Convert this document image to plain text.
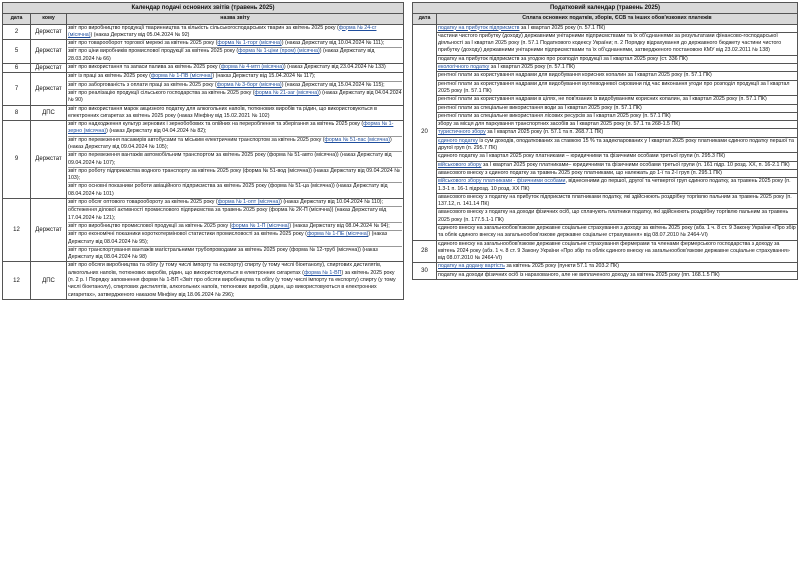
Календар подачі основних звітів (травень 2025)		
дата	кому	назва звіту
2	Держстат	звіт про виробництво продукції тваринництва та кількість сільськогосподарських тварин за квітень 2025 року (форма № 24-сг (місячна)) (наказ Держстату від 05.04.2024 № 92)

5	Держстат	звіт про товарооборот торгової мережі за квітень 2025 року (форма № 1-торг (місячна)) (наказ Держстату від 10.04.2024 № 111);
звіт про ціни виробників промислової продукції за квітень 2025 року (форма № 1-ціни (пром) (місячна)) (наказ Держстату від 28.03.2024 № 66)

6	Держстат	звіт про використання та запаси палива за квітень 2025 року (форма № 4-мтп (місячна)) (наказ Держстату від 23.04.2024 № 133)

7	Держстат	звіт із праці за квітень 2025 року (форма № 1-ПВ (місячна)) (наказ Держстату від 15.04.2024 № 117);
звіт про заборгованість з оплати праці за квітень 2025 року (форма № 3-борг (місячна)) (наказ Держстату від 15.04.2024 № 115);
звіт про реалізацію продукції сільського господарства за квітень 2025 року (форма № 21-заг (місячна)) (наказ Держстату від 04.04.2024 № 90)

8	ДПС	звіт про використання марок акцизного податку для алкогольних напоїв, тютюнових виробів та рідин, що використовуються в електронних сигаретах за квітень 2025 року (наказ Мінфіну від 15.02.2021 № 102)

9	Держстат	звіт про надходження культур зернових і зернобобових та олійних на перероблення та зберігання за квітень 2025 року (форма № 1-зерно (місячна)) (наказ Держстату від 04.04.2024 № 82);
звіт про перевезення пасажирів автобусами та міським електричним транспортом за квітень 2025 року (форма № 51-пас (місячна)) (наказ Держстату від 09.04.2024 № 105);
звіт про перевезення вантажів автомобільним транспортом за квітень 2025 року (форма № 51-авто (місячна)) (наказ Держстату від 09.04.2024 № 107);
звіт про роботу підприємства водного транспорту за квітень 2025 року (форма № 51-вод (місячна)) (наказ Держстату від 09.04.2024 № 103);
звіт про основні показники роботи авіаційного підприємства за квітень 2025 року (форма № 51-ца (місячна)) (наказ Держстату від 08.04.2024 № 101)

12	Держстат	звіт про обсяг оптового товарообороту за квітень 2025 року (форма № 1-опт (місячна)) (наказ Держстату від 10.04.2024 № 110);
обстеження ділової активності промислового підприємства за травень 2025 року (форма № 2К-П (місячна)) (наказ Держстату від 17.04.2024 № 121);
звіт про виробництво промислової продукції за квітень 2025 року (форма № 1-П (місячна)) (наказ Держстату від 08.04.2024 № 94);
звіт про економічні показники короткотермінової статистики промисловості за квітень 2025 року (форма № 1-ПЕ (місячна)) (наказ Держстату від 08.04.2024 № 95);
звіт про транспортування вантажів магістральними трубопроводами за квітень 2025 року (форма № 12-труб (місячна)) (наказ Держстату від 08.04.2024 № 98)

12	ДПС	звіт про обсяги виробництва та обігу (у тому числі імпорту та експорту) спирту (у тому числі біоетанолу), спиртових дистилятів, алкогольних напоїв, тютюнових виробів, рідин, що використовуються в електронних сигаретах (форма № 1-ВП) за квітень 2025 року (п. 2 р. І Порядку заповнення форми № 1-ВП «Звіт про обсяги виробництва та обігу (у тому числі імпорту та експорту) спирту (у тому числі біоетанолу), спиртових дистилятів, алкогольних напоїв, тютюнових виробів, рідин, що використовуються в електронних сигаретах», затвердженого наказом Мінфіну від 18.06.2024 № 296);
Податковий календар (травень 2025)	
дата	Сплата основних податків, зборів, ЄСВ та інших обов'язкових платежів
20	податку на прибуток підприємств за I квартал 2025 року (п. 57.1 ПК)
	частини чистого прибутку (доходу) державними унітарними підприємствами та їх об'єднаннями за результатами фінансово-господарської діяльності за I квартал 2025 року (п. 57.1 Податкового кодексу України; п. 2 Порядку відрахування до державного бюджету частини чистого прибутку (доходу) державними унітарними підприємствами та їх об'єднаннями, затвердженого постановою КМУ від 23.02.2011 № 138)
	податку на прибуток підприємств за угодою про розподіл продукції за I квартал 2025 року (ст. 336 ПК)
	екологічного податку за I квартал 2025 року (п. 57.1 ПК)
	рентної плати за користування надрами для видобування корисних копалин за I квартал 2025 року (п. 57.1 ПК)
	рентної плати за користування надрами для видобування вуглеводневої сировини під час виконання угоди про розподіл продукції за I квартал 2025 року (п. 57.1 ПК)
	рентної плати за користування надрами в цілях, не пов'язаних із видобуванням корисних копалин, за I квартал 2025 року (п. 57.1 ПК)
	рентної плати за спеціальне використання води за I квартал 2025 року (п. 57.1 ПК)
	рентної плати за спеціальне використання лісових ресурсів за I квартал 2025 року (п. 57.1 ПК)
	збору за місця для паркування транспортних засобів за I квартал 2025 року (п. 57.1 та 268-1.5 ПК)
	туристичного збору за I квартал 2025 року (п. 57.1 та п. 268.7.1 ПК)
	єдиного податку із сум доходів, оподаткованих за ставкою 15 % та задекларованих у I квартал 2025 року платниками єдиного податку першої та другої груп (п. 295.7 ПК)
	єдиного податку за I квартал 2025 року платниками – юридичними та фізичними особами третьої групи (п. 295.3 ПК)
	військового збору за I квартал 2025 року платниками– юридичними та фізичними особами третьої групи (п. 161 підр. 10 розд. XX, п. 16-2.1 ПК)
	авансового внеску з єдиного податку за травень 2025 року платниками, що належать до 1-ї та 2-ї груп (п. 295.1 ПК)
	військового збору платниками - фізичними особами, віднесеними до першої, другої та четвертої груп єдиного податку, за травень 2025 року (п. 1.3-1 п. 16-1 підрозд. 10 розд. XX ПК)
	авансового внеску з податку на прибуток підприємств платниками податку, які здійснюють роздрібну торгівлю пальним за травень 2025 року (п. 137.12, п. 141.14 ПК)
	авансового внеску з податку на доходи фізичних осіб, що сплачують платники податку, які здійснюють роздрібну торгівлю пальним за травень 2025 року (п. 177.5.1-1 ПК)
	єдиного внеску на загальнообов'язкове державне соціальне страхування з доходу за квітень 2025 року (абз. 1 ч. 8 ст. 9 Закону України «Про збір та облік єдиного внеску на загальнообов'язкове державне соціальне страхування» від 08.07.2010 № 2464-VI)
28	єдиного внеску на загальнообов'язкове державне соціальне страхування фермерами та членами фермерського господарства з доходу за квітень 2024 року (абз. 1 ч. 8 ст. 9 Закону України «Про збір та облік єдиного внеску на загальнообов'язкове державне соціальне страхування» від 08.07.2010 № 2464-VI)
30	податку на додану вартість за квітень 2025 року (пункти 57.1 та 203.2 ПК)
	податку на доходи фізичних осіб із нарахованого, але не виплаченого доходу за квітень 2025 року (пп. 168.1.5 ПК)
